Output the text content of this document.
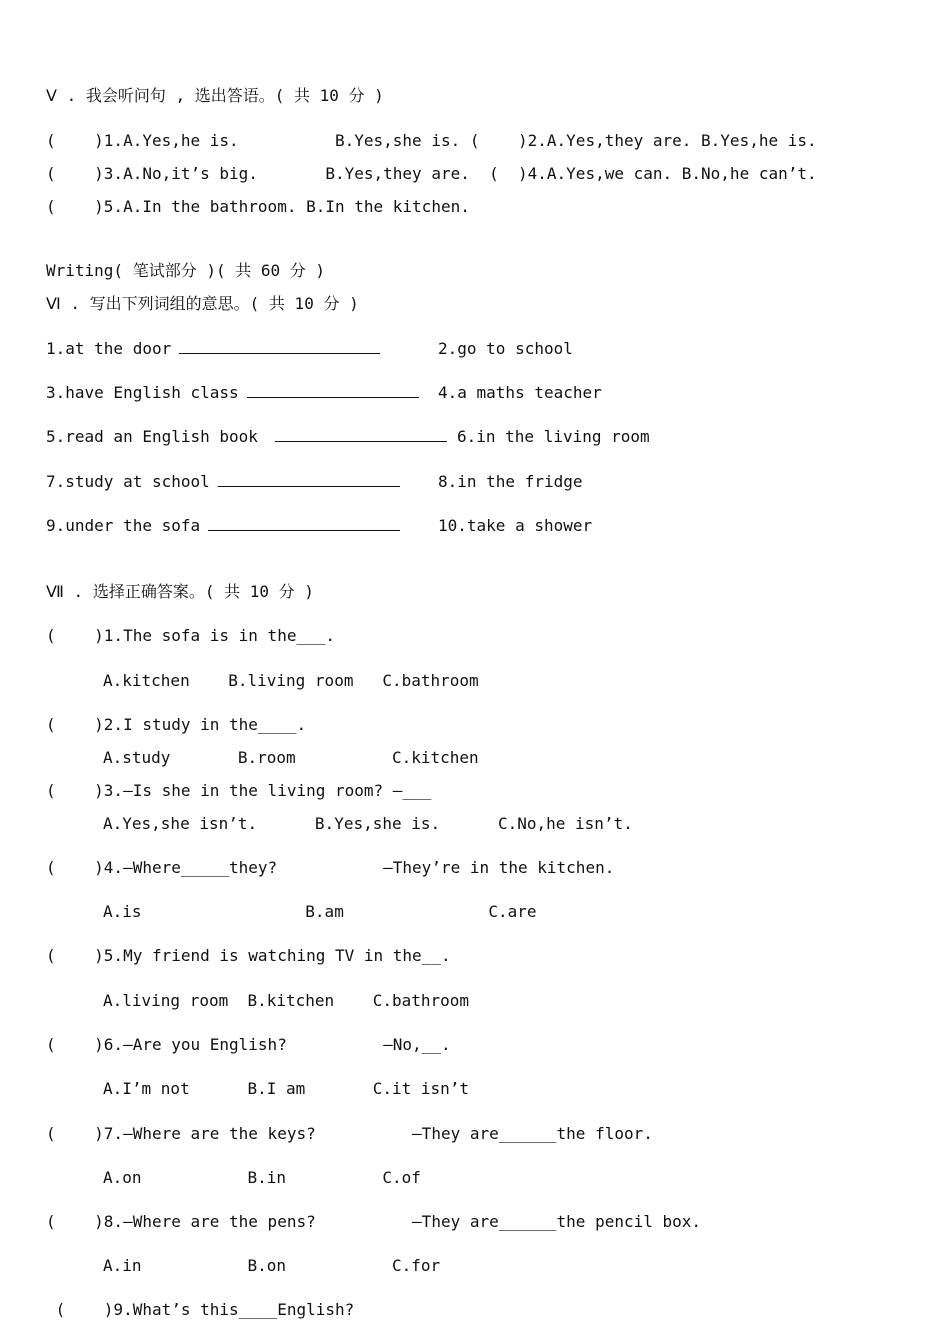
Ⅴ . 我会听问句 , 选出答语。( 共 10 分 )
(    )1.A.Yes,he is.          B.Yes,she is. (    )2.A.Yes,they are. B.Yes,he is.
(    )3.A.No,it’s big.       B.Yes,they are.  (  )4.A.Yes,we can. B.No,he can’t.
(    )5.A.In the bathroom. B.In the kitchen.
Writing( 笔试部分 )( 共 60 分 )
Ⅵ . 写出下列词组的意思。( 共 10 分 )
1.at the door	2.go to school
3.have English class	4.a maths teacher
5.read an English book	6.in the living room
7.study at school	8.in the fridge
9.under the sofa	10.take a shower
Ⅶ . 选择正确答案。( 共 10 分 )
(    )1.The sofa is in the___.
A.kitchen    B.living room   C.bathroom
(    )2.I study in the____.
A.study       B.room          C.kitchen
(    )3.—Is she in the living room? —___
A.Yes,she isn’t.      B.Yes,she is.      C.No,he isn’t.
(    )4.—Where_____they?           —They’re in the kitchen.
A.is                 B.am               C.are
(    )5.My friend is watching TV in the__.
A.living room  B.kitchen    C.bathroom
(    )6.—Are you English?          —No,__.
A.I’m not      B.I am       C.it isn’t
(    )7.—Where are the keys?          —They are______the floor.
A.on           B.in          C.of
(    )8.—Where are the pens?          —They are______the pencil box.
A.in           B.on           C.for
(    )9.What’s this____English?
